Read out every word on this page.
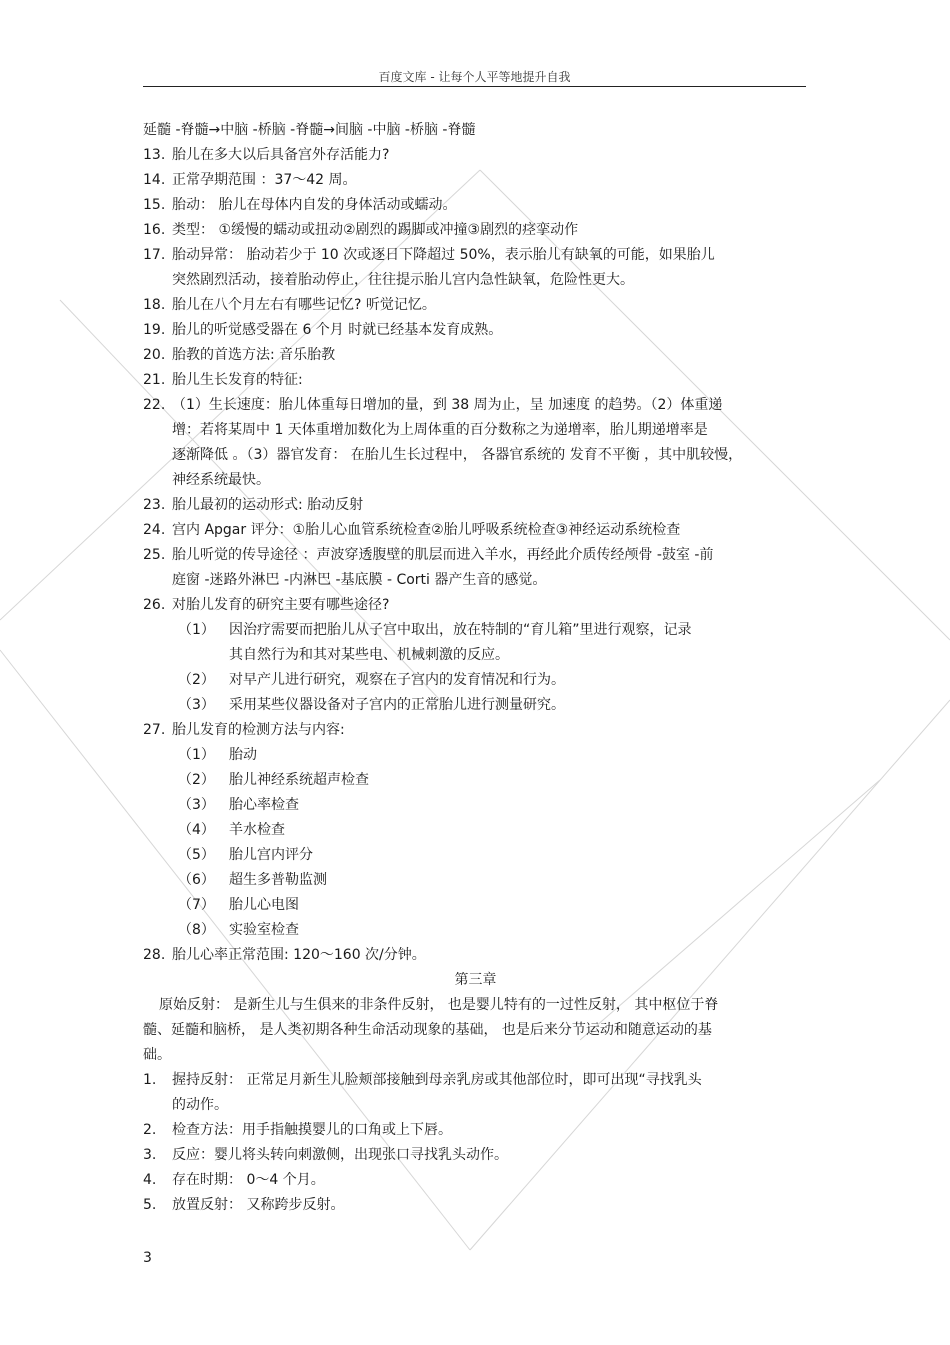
百度文库 - 让每个人平等地提升自我
延髓 -脊髓→中脑 -桥脑 -脊髓→间脑 -中脑 -桥脑 -脊髓
13. 胎儿在多大以后具备宫外存活能力?
14. 正常孕期范围 ：37～42 周。
15. 胎动： 胎儿在母体内自发的身体活动或蠕动。
16. 类型： ①缓慢的蠕动或扭动②剧烈的踢脚或冲撞③剧烈的痉挛动作
17. 胎动异常： 胎动若少于 10 次或逐日下降超过 50%，表示胎儿有缺氧的可能，如果胎儿
突然剧烈活动，接着胎动停止，往往提示胎儿宫内急性缺氧，危险性更大。
18. 胎儿在八个月左右有哪些记忆? 听觉记忆。
19. 胎儿的听觉感受器在 6 个月 时就已经基本发育成熟。
20. 胎教的首选方法: 音乐胎教
21. 胎儿生长发育的特征:
22. （1）生长速度：胎儿体重每日增加的量，到 38 周为止，呈 加速度 的趋势。（2）体重递
增：若将某周中 1 天体重增加数化为上周体重的百分数称之为递增率，胎儿期递增率是
逐渐降低 。（3）器官发育： 在胎儿生长过程中， 各器官系统的 发育不平衡 ，其中肌较慢，
神经系统最快。
23. 胎儿最初的运动形式: 胎动反射
24. 宫内 Apgar 评分：①胎儿心血管系统检查②胎儿呼吸系统检查③神经运动系统检查
25. 胎儿听觉的传导途径 ：声波穿透腹壁的肌层而进入羊水，再经此介质传经颅骨 -鼓室 -前
庭窗 -迷路外淋巴 -内淋巴 -基底膜 - Corti 器产生音的感觉。
26. 对胎儿发育的研究主要有哪些途径?
（1） 因治疗需要而把胎儿从子宫中取出，放在特制的“育儿箱”里进行观察，记录
其自然行为和其对某些电、机械刺激的反应。
（2） 对早产儿进行研究，观察在子宫内的发育情况和行为。
（3） 采用某些仪器设备对子宫内的正常胎儿进行测量研究。
27. 胎儿发育的检测方法与内容:
（1） 胎动
（2） 胎儿神经系统超声检查
（3） 胎心率检查
（4） 羊水检查
（5） 胎儿宫内评分
（6） 超生多普勒监测
（7） 胎儿心电图
（8） 实验室检查
28. 胎儿心率正常范围: 120～160 次/分钟。
第三章
原始反射： 是新生儿与生俱来的非条件反射， 也是婴儿特有的一过性反射， 其中枢位于脊
髓、延髓和脑桥， 是人类初期各种生命活动现象的基础， 也是后来分节运动和随意运动的基
础。
1. 握持反射： 正常足月新生儿脸颊部接触到母亲乳房或其他部位时，即可出现“寻找乳头
的动作。
2. 检查方法：用手指触摸婴儿的口角或上下唇。
3. 反应：婴儿将头转向刺激侧，出现张口寻找乳头动作。
4. 存在时期： 0～4 个月。
5. 放置反射： 又称跨步反射。
3
